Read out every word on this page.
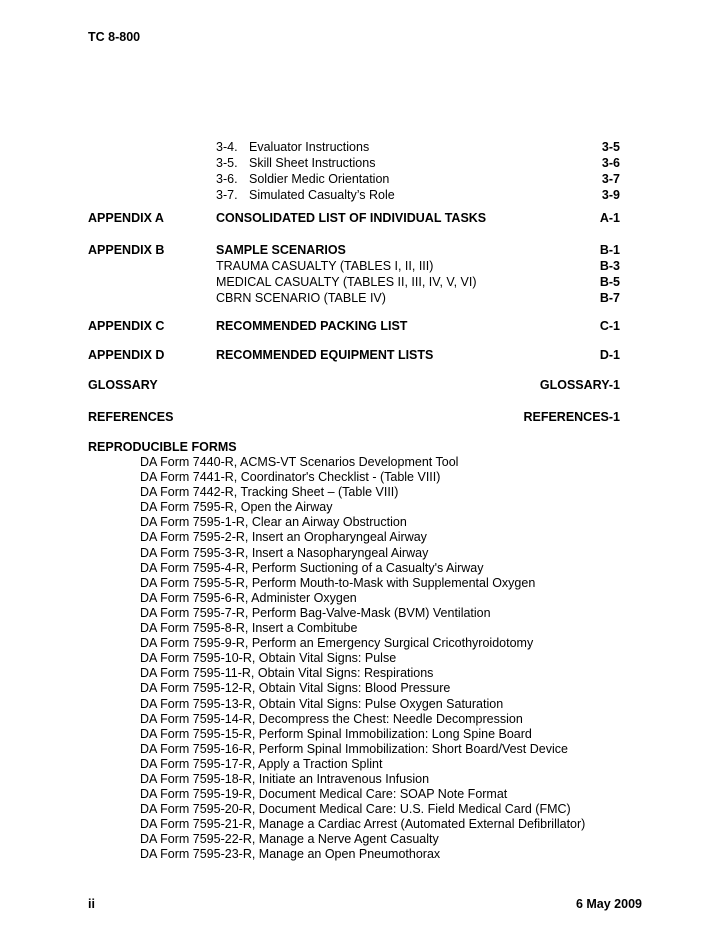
TC 8-800
3-4. Evaluator Instructions	3-5
3-5. Skill Sheet Instructions	3-6
3-6. Soldier Medic Orientation	3-7
3-7. Simulated Casualty’s Role	3-9
APPENDIX A	CONSOLIDATED LIST OF INDIVIDUAL TASKS	A-1
APPENDIX B	SAMPLE SCENARIOS	B-1
TRAUMA CASUALTY (TABLES I, II, III)	B-3
MEDICAL CASUALTY (TABLES II, III, IV, V, VI)	B-5
CBRN SCENARIO (TABLE IV)	B-7
APPENDIX C	RECOMMENDED PACKING LIST	C-1
APPENDIX D	RECOMMENDED EQUIPMENT LISTS	D-1
GLOSSARY	GLOSSARY-1
REFERENCES	REFERENCES-1
REPRODUCIBLE FORMS
DA Form 7440-R, ACMS-VT Scenarios Development Tool
DA Form 7441-R, Coordinator's Checklist - (Table VIII)
DA Form 7442-R, Tracking Sheet – (Table VIII)
DA Form 7595-R, Open the Airway
DA Form 7595-1-R, Clear an Airway Obstruction
DA Form 7595-2-R, Insert an Oropharyngeal Airway
DA Form 7595-3-R, Insert a Nasopharyngeal Airway
DA Form 7595-4-R, Perform Suctioning of a Casualty's Airway
DA Form 7595-5-R, Perform Mouth-to-Mask with Supplemental Oxygen
DA Form 7595-6-R, Administer Oxygen
DA Form 7595-7-R, Perform Bag-Valve-Mask (BVM) Ventilation
DA Form 7595-8-R, Insert a Combitube
DA Form 7595-9-R, Perform an Emergency Surgical Cricothyroidotomy
DA Form 7595-10-R, Obtain Vital Signs: Pulse
DA Form 7595-11-R, Obtain Vital Signs: Respirations
DA Form 7595-12-R, Obtain Vital Signs: Blood Pressure
DA Form 7595-13-R, Obtain Vital Signs: Pulse Oxygen Saturation
DA Form 7595-14-R, Decompress the Chest: Needle Decompression
DA Form 7595-15-R, Perform Spinal Immobilization: Long Spine Board
DA Form 7595-16-R, Perform Spinal Immobilization: Short Board/Vest Device
DA Form 7595-17-R, Apply a Traction Splint
DA Form 7595-18-R, Initiate an Intravenous Infusion
DA Form 7595-19-R, Document Medical Care: SOAP Note Format
DA Form 7595-20-R, Document Medical Care: U.S. Field Medical Card (FMC)
DA Form 7595-21-R, Manage a Cardiac Arrest (Automated External Defibrillator)
DA Form 7595-22-R, Manage a Nerve Agent Casualty
DA Form 7595-23-R, Manage an Open Pneumothorax
ii	6 May 2009
